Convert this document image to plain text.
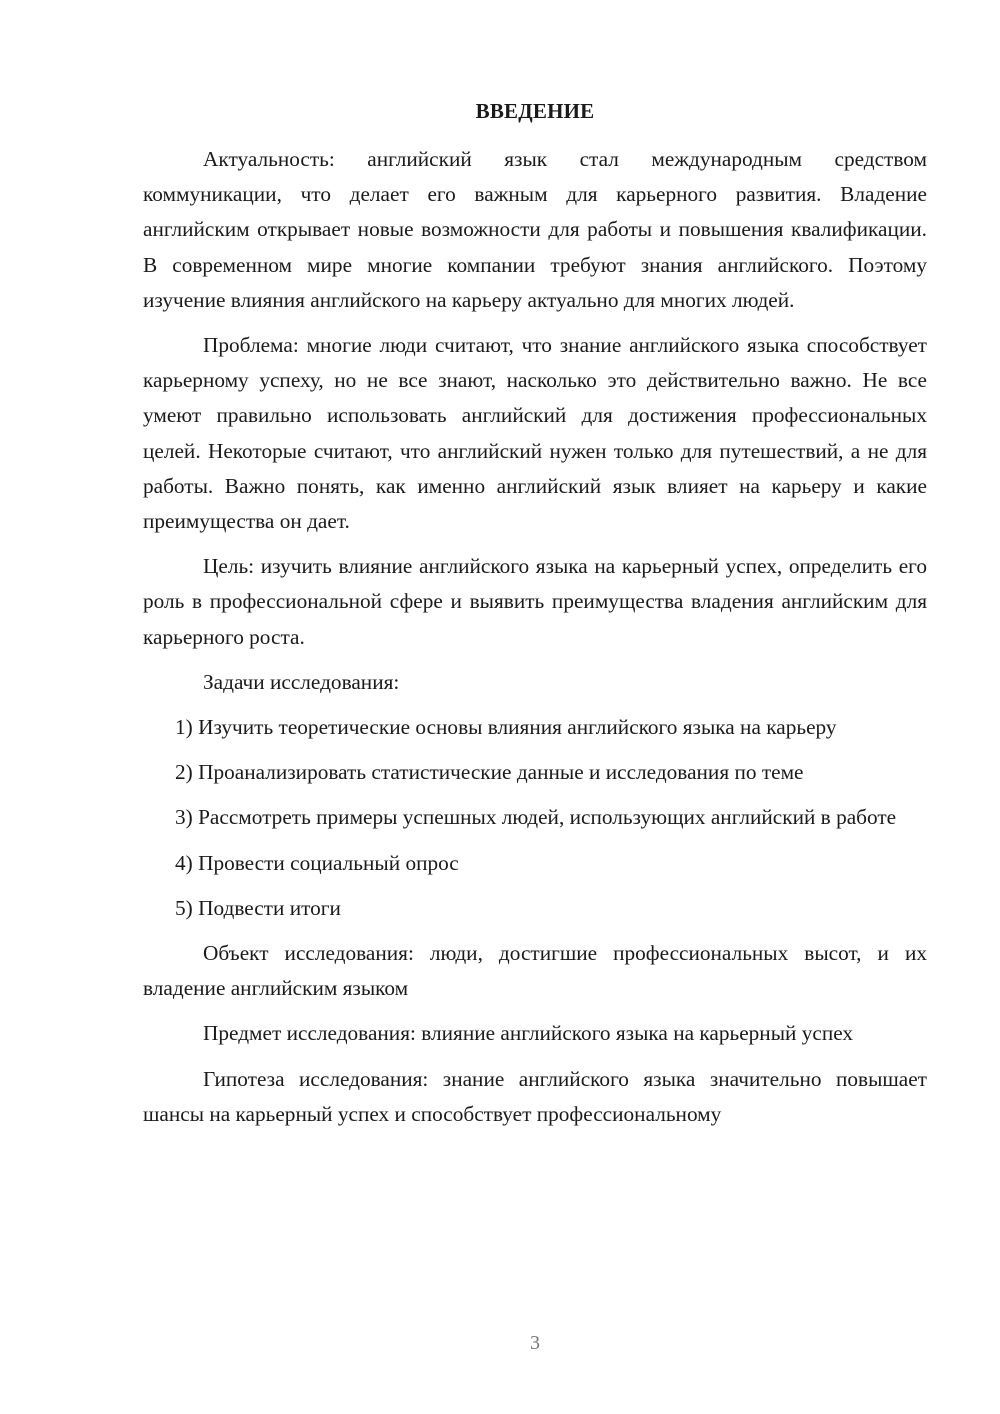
ВВЕДЕНИЕ

Актуальность: английский язык стал международным средством коммуникации, что делает его важным для карьерного развития. Владение английским открывает новые возможности для работы и повышения квалификации. В современном мире многие компании требуют знания английского. Поэтому изучение влияния английского на карьеру актуально для многих людей.

Проблема: многие люди считают, что знание английского языка способствует карьерному успеху, но не все знают, насколько это действительно важно. Не все умеют правильно использовать английский для достижения профессиональных целей. Некоторые считают, что английский нужен только для путешествий, а не для работы. Важно понять, как именно английский язык влияет на карьеру и какие преимущества он дает.

Цель: изучить влияние английского языка на карьерный успех, определить его роль в профессиональной сфере и выявить преимущества владения английским для карьерного роста.

Задачи исследования:

1) Изучить теоретические основы влияния английского языка на карьеру

2) Проанализировать статистические данные и исследования по теме

3) Рассмотреть примеры успешных людей, использующих английский в работе

4) Провести социальный опрос

5) Подвести итоги

Объект исследования: люди, достигшие профессиональных высот, и их владение английским языком

Предмет исследования: влияние английского языка на карьерный успех

Гипотеза исследования: знание английского языка значительно повышает шансы на карьерный успех и способствует профессиональному

3
